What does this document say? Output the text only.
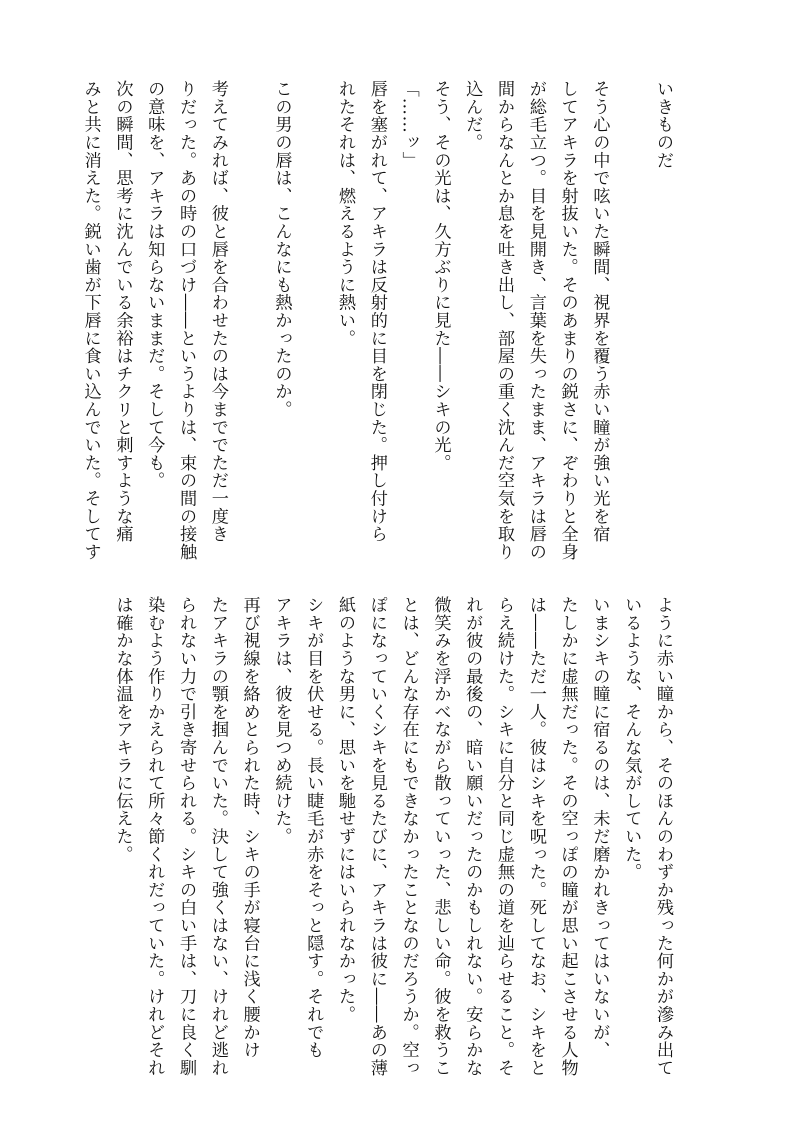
いきものだ

そう心の中で呟いた瞬間、視界を覆う赤い瞳が強い光を宿
してアキラを射抜いた。そのあまりの鋭さに、ぞわりと全身
が総毛立つ。目を見開き、言葉を失ったまま、アキラは唇の
間からなんとか息を吐き出し、部屋の重く沈んだ空気を取り
込んだ。
そう、その光は、久方ぶりに見た――シキの光。
「……ッ」
唇を塞がれて、アキラは反射的に目を閉じた。押し付けら
れたそれは、燃えるように熱い。

この男の唇は、こんなにも熱かったのか。

考えてみれば、彼と唇を合わせたのは今まででただ一度き
りだった。あの時の口づけ――というよりは、束の間の接触
の意味を、アキラは知らないままだ。そして今も。
次の瞬間、思考に沈んでいる余裕はチクリと刺すような痛
みと共に消えた。鋭い歯が下唇に食い込んでいた。そしてす
ように赤い瞳から、そのほんのわずか残った何かが滲み出て
いるような、そんな気がしていた。
いまシキの瞳に宿るのは、未だ磨かれきってはいないが、
たしかに虚無だった。その空っぽの瞳が思い起こさせる人物
は――ただ一人。彼はシキを呪った。死してなお、シキをと
らえ続けた。シキに自分と同じ虚無の道を辿らせること。そ
れが彼の最後の、暗い願いだったのかもしれない。安らかな
微笑みを浮かべながら散っていった、悲しい命。彼を救うこ
とは、どんな存在にもできなかったことなのだろうか。空っ
ぽになっていくシキを見るたびに、アキラは彼に――あの薄
紙のような男に、思いを馳せずにはいられなかった。
シキが目を伏せる。長い睫毛が赤をそっと隠す。それでも
アキラは、彼を見つめ続けた。
再び視線を絡めとられた時、シキの手が寝台に浅く腰かけ
たアキラの顎を掴んでいた。決して強くはない、けれど逃れ
られない力で引き寄せられる。シキの白い手は、刀に良く馴
染むよう作りかえられて所々節くれだっていた。けれどそれ
は確かな体温をアキラに伝えた。
